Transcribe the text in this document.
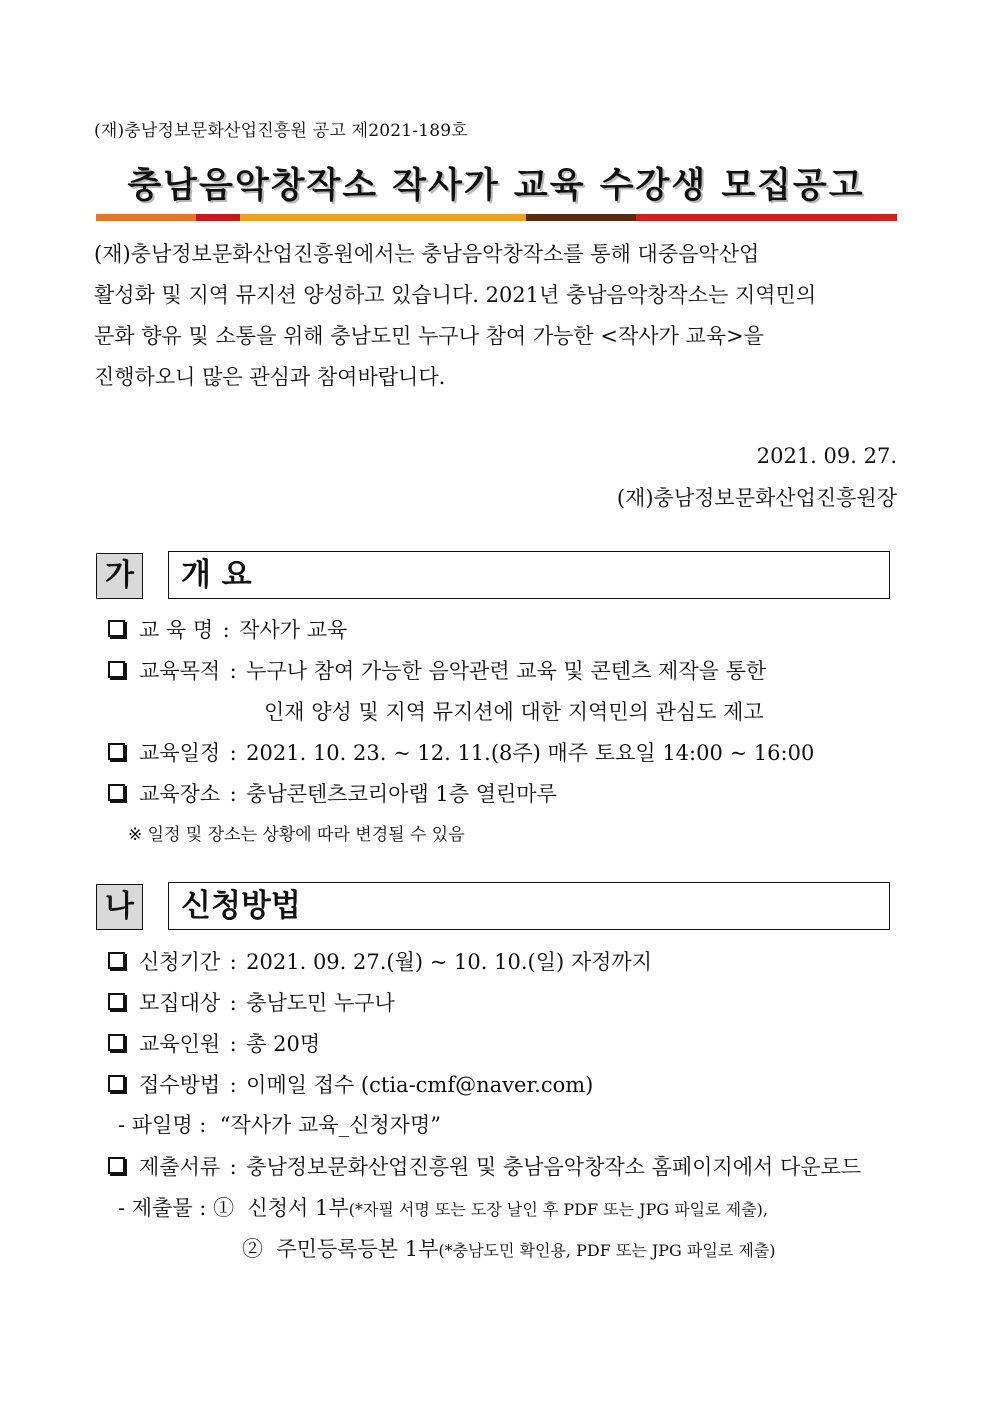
(재)충남정보문화산업진흥원 공고 제2021-189호
충남음악창작소 작사가 교육 수강생 모집공고

(재)충남정보문화산업진흥원에서는 충남음악창작소를 통해 대중음악산업

활성화 및 지역 뮤지션 양성하고 있습니다. 2021년 충남음악창작소는 지역민의

문화 향유 및 소통을 위해 충남도민 누구나 참여 가능한 <작사가 교육>을

진행하오니 많은 관심과 참여바랍니다.

2021. 09. 27.
(재)충남정보문화산업진흥원장
가	개 요
교 육 명 : 작사가 교육
교육목적 : 누구나 참여 가능한 음악관련 교육 및 콘텐츠 제작을 통한
인재 양성 및 지역 뮤지션에 대한 지역민의 관심도 제고
교육일정 : 2021. 10. 23. ~ 12. 11.(8주) 매주 토요일 14:00 ~ 16:00
교육장소 : 충남콘텐츠코리아랩 1층 열린마루
※ 일정 및 장소는 상황에 따라 변경될 수 있음
나	신청방법
신청기간 : 2021. 09. 27.(월) ~ 10. 10.(일) 자정까지
모집대상 : 충남도민 누구나
교육인원 : 총 20명
접수방법 : 이메일 접수 (ctia-cmf@naver.com)
- 파일명 : “작사가 교육_신청자명”
제출서류 : 충남정보문화산업진흥원 및 충남음악창작소 홈페이지에서 다운로드
- 제출물 : ① 신청서 1부(*자필 서명 또는 도장 날인 후 PDF 또는 JPG 파일로 제출),
② 주민등록등본 1부(*충남도민 확인용, PDF 또는 JPG 파일로 제출)
